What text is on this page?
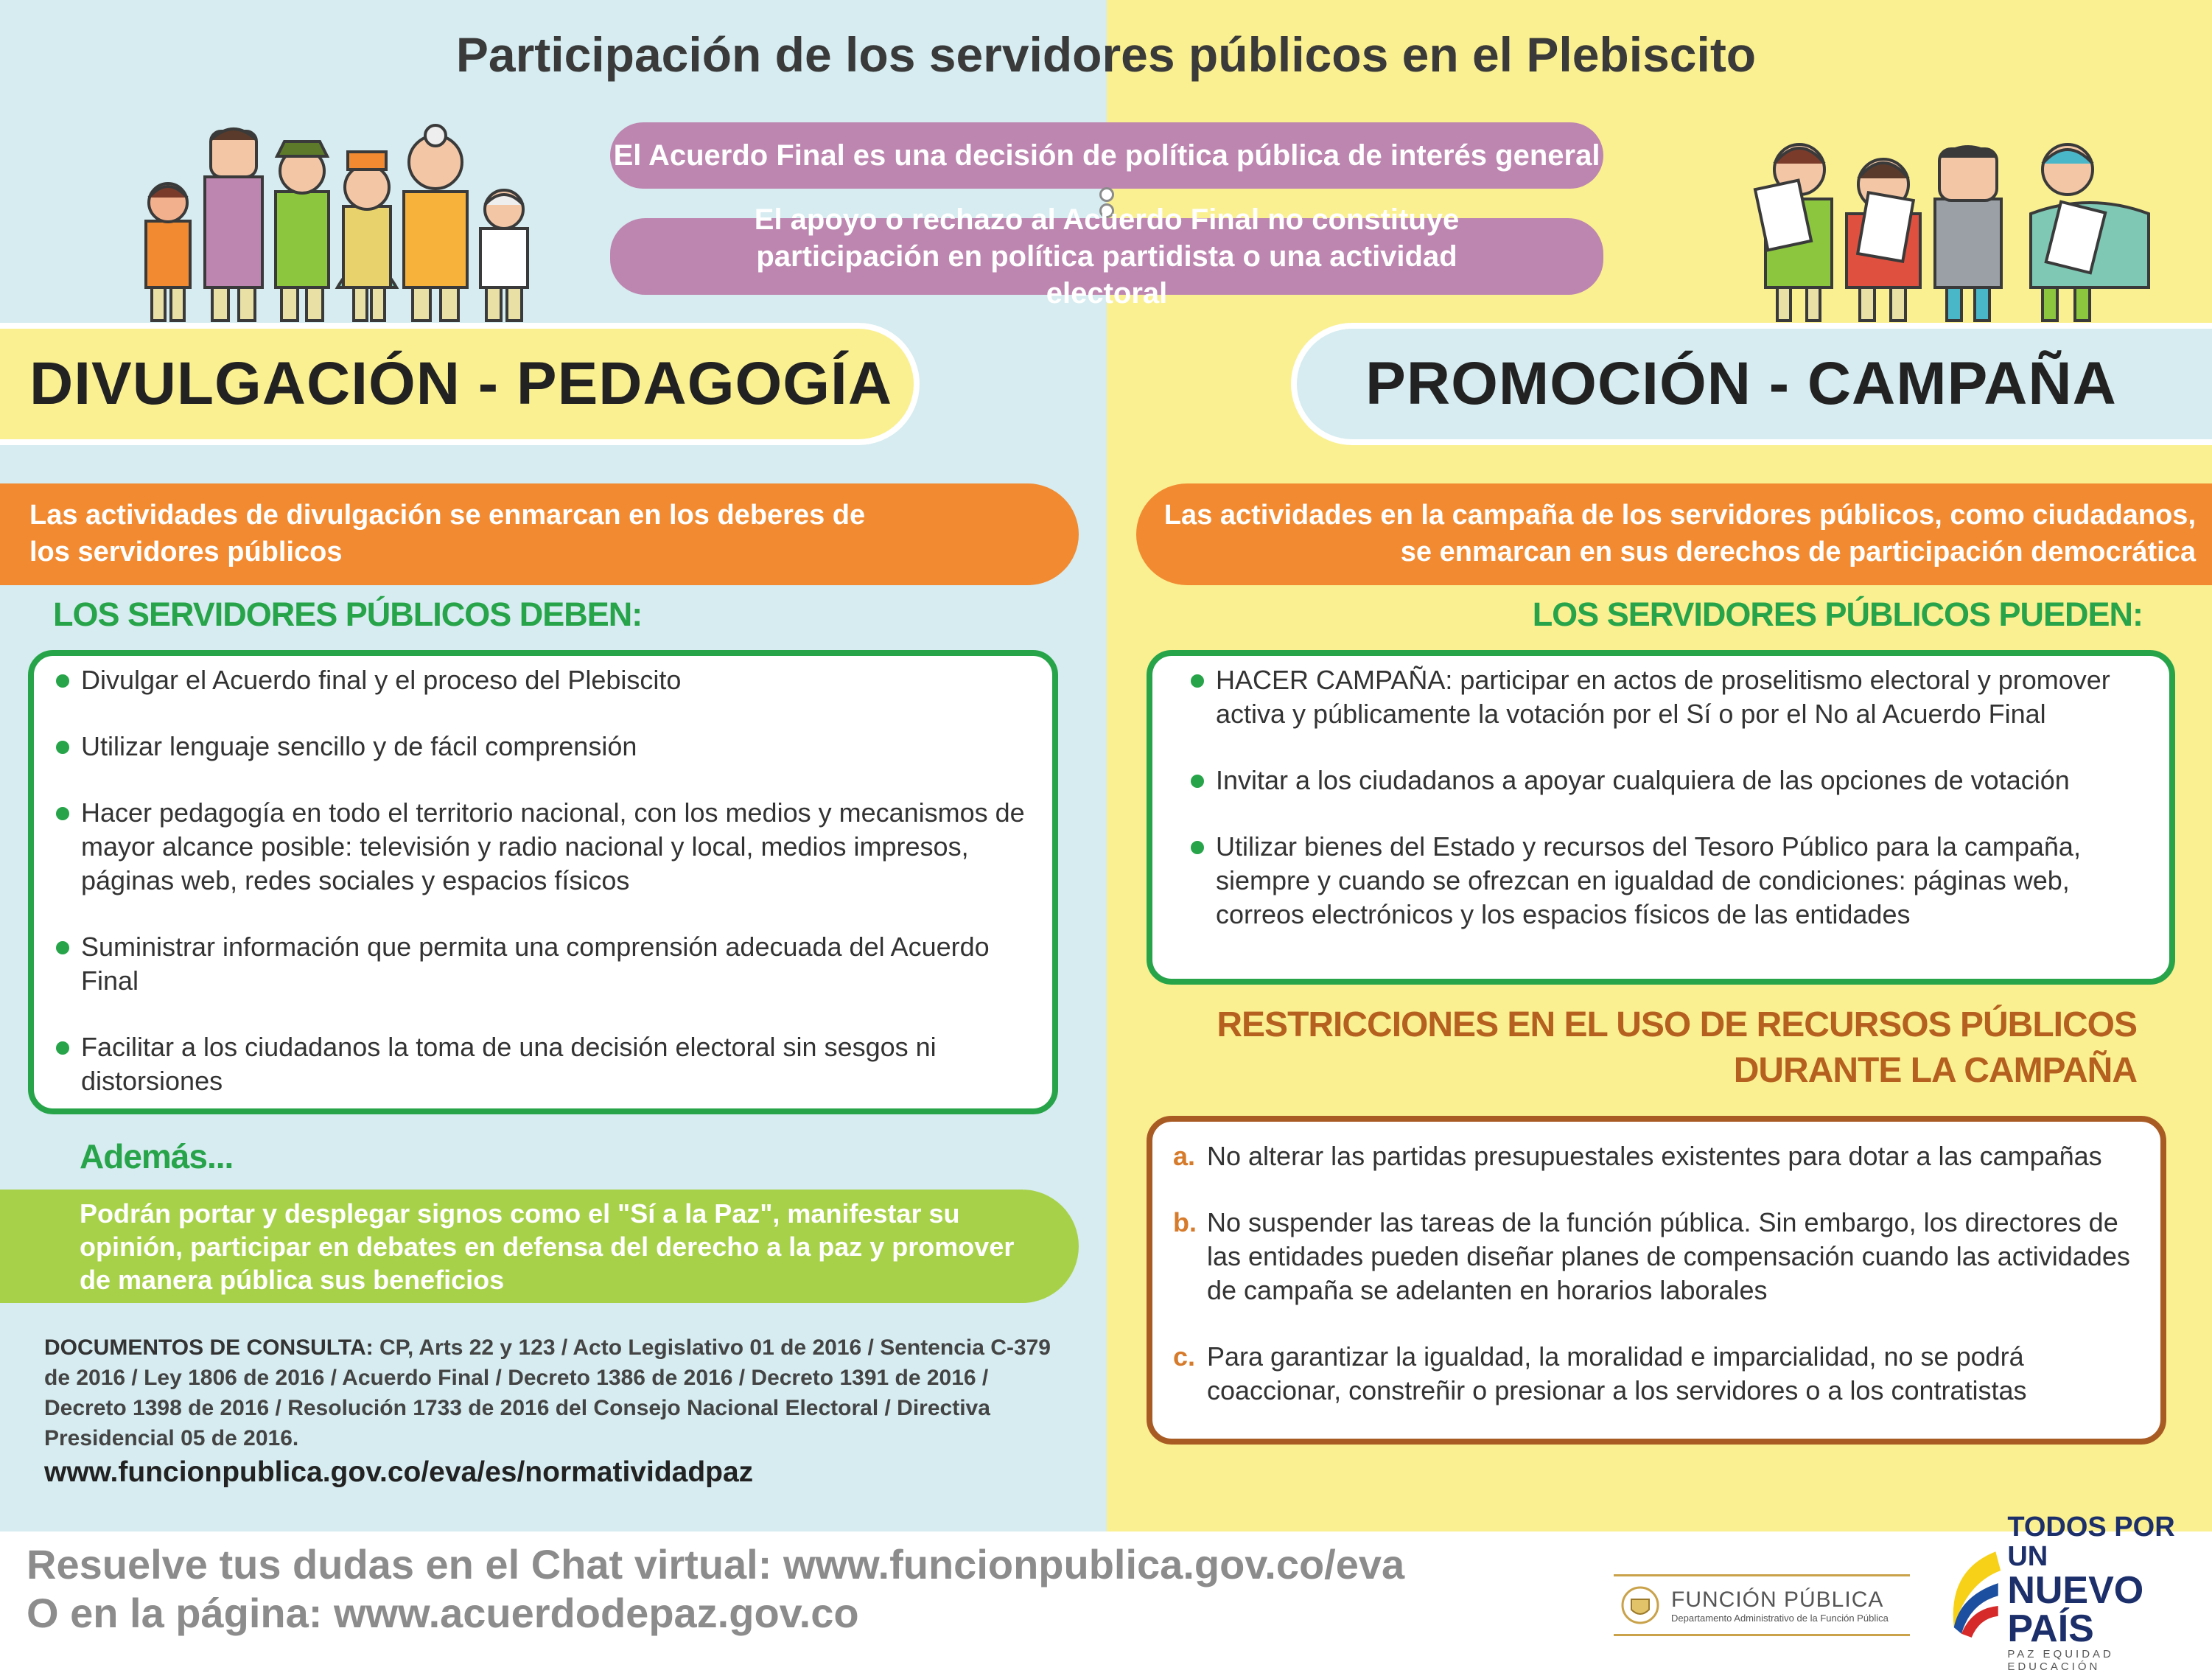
Participación de los servidores públicos en el Plebiscito
El Acuerdo Final es una decisión de política pública de interés general
El apoyo o rechazo al Acuerdo Final no constituye participación en política partidista o una actividad electoral
DIVULGACIÓN - PEDAGOGÍA	PROMOCIÓN - CAMPAÑA
Las actividades de divulgación se enmarcan en los deberes de los servidores públicos
Las actividades en la campaña de los servidores públicos, como ciudadanos, se enmarcan en sus derechos de participación democrática
LOS SERVIDORES PÚBLICOS DEBEN:	LOS SERVIDORES PÚBLICOS PUEDEN:
Divulgar el Acuerdo final y el proceso del Plebiscito
Utilizar lenguaje sencillo y de fácil comprensión
Hacer pedagogía en todo el territorio nacional, con los medios y mecanismos de mayor alcance posible: televisión y radio nacional y local, medios impresos, páginas web, redes sociales y espacios físicos
Suministrar información que permita una comprensión adecuada del Acuerdo Final
Facilitar a los ciudadanos la toma de una decisión electoral sin sesgos ni distorsiones
HACER CAMPAÑA: participar en actos de proselitismo electoral y promover activa y públicamente la votación por el Sí o por el No al Acuerdo Final
Invitar a los ciudadanos a apoyar cualquiera de las opciones de votación
Utilizar bienes del Estado y recursos del Tesoro Público para la campaña, siempre y cuando se ofrezcan en igualdad de condiciones: páginas web, correos electrónicos y los espacios físicos de las entidades
Además...
Podrán portar y desplegar signos como el "Sí a la Paz", manifestar su opinión, participar en debates en defensa del derecho a la paz y promover de manera pública sus beneficios
DOCUMENTOS DE CONSULTA: CP, Arts 22 y 123 / Acto Legislativo 01 de 2016 / Sentencia C-379 de 2016 / Ley 1806 de 2016 / Acuerdo Final / Decreto 1386 de 2016 / Decreto 1391 de 2016 / Decreto 1398 de 2016 / Resolución 1733 de 2016 del Consejo Nacional Electoral / Directiva Presidencial 05 de 2016.
www.funcionpublica.gov.co/eva/es/normatividadpaz
RESTRICCIONES EN EL USO DE RECURSOS PÚBLICOS
DURANTE LA CAMPAÑA
a. No alterar las partidas presupuestales existentes para dotar a las campañas
b. No suspender las tareas de la función pública. Sin embargo, los directores de las entidades pueden diseñar planes de compensación cuando las actividades de campaña se adelanten en horarios laborales
c. Para garantizar la igualdad, la moralidad e imparcialidad, no se podrá coaccionar, constreñir o presionar a los servidores o a los contratistas
Resuelve tus dudas en el Chat virtual: www.funcionpublica.gov.co/eva
O en la página: www.acuerdodepaz.gov.co	FUNCIÓN PÚBLICA
Departamento Administrativo de la Función Pública
TODOS POR UN
NUEVO PAÍS
PAZ EQUIDAD EDUCACIÓN
